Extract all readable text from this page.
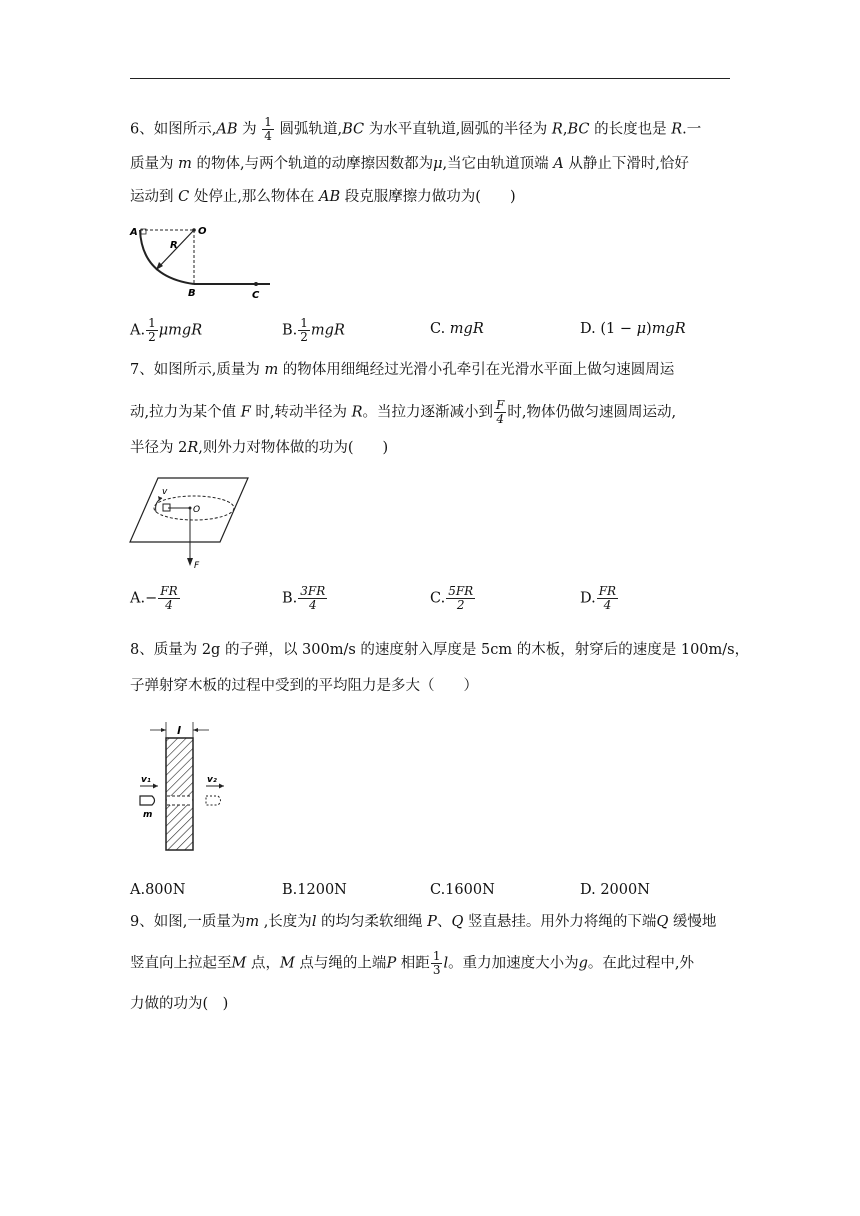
6、如图所示,AB 为 $\frac{1}{4}$ 圆弧轨道,BC 为水平直轨道,圆弧的半径为 R,BC 的长度也是 R.一
质量为 m 的物体,与两个轨道的动摩擦因数都为μ,当它由轨道顶端 A 从静止下滑时,恰好
运动到 C 处停止,那么物体在 AB 段克服摩擦力做功为(　　)
A	O
R
B	C
A. $\frac{1}{2}$ μmgR	B. $\frac{1}{2}$ mgR	C. mgR	D. (1 − μ)mgR
7、如图所示,质量为 m 的物体用细绳经过光滑小孔牵引在光滑水平面上做匀速圆周运
动,拉力为某个值 F 时,转动半径为 R。当拉力逐渐减小到 $\frac{F}{4}$ 时,物体仍做匀速圆周运动,
半径为 2R,则外力对物体做的功为(　　)
v
O
F
$A.- \frac{FR}{4}$	B. $\frac{3FR}{4}$	C. $\frac{5FR}{2}$	D. $\frac{FR}{4}$
8、质量为 2g 的子弹，以 300m/s 的速度射入厚度是 5cm 的木板，射穿后的速度是 100m/s，
子弹射穿木板的过程中受到的平均阻力是多大（　　）
l
v₁	v₂
m
A.800N	B.1200N	C.1600N	D. 2000N
9、如图,一质量为m ,长度为l 的均匀柔软细绳 P、Q 竖直悬挂。用外力将绳的下端Q 缓慢地
竖直向上拉起至M 点，M 点与绳的上端P 相距 $\frac{1}{3}$ l。重力加速度大小为g。在此过程中,外
力做的功为(　)
